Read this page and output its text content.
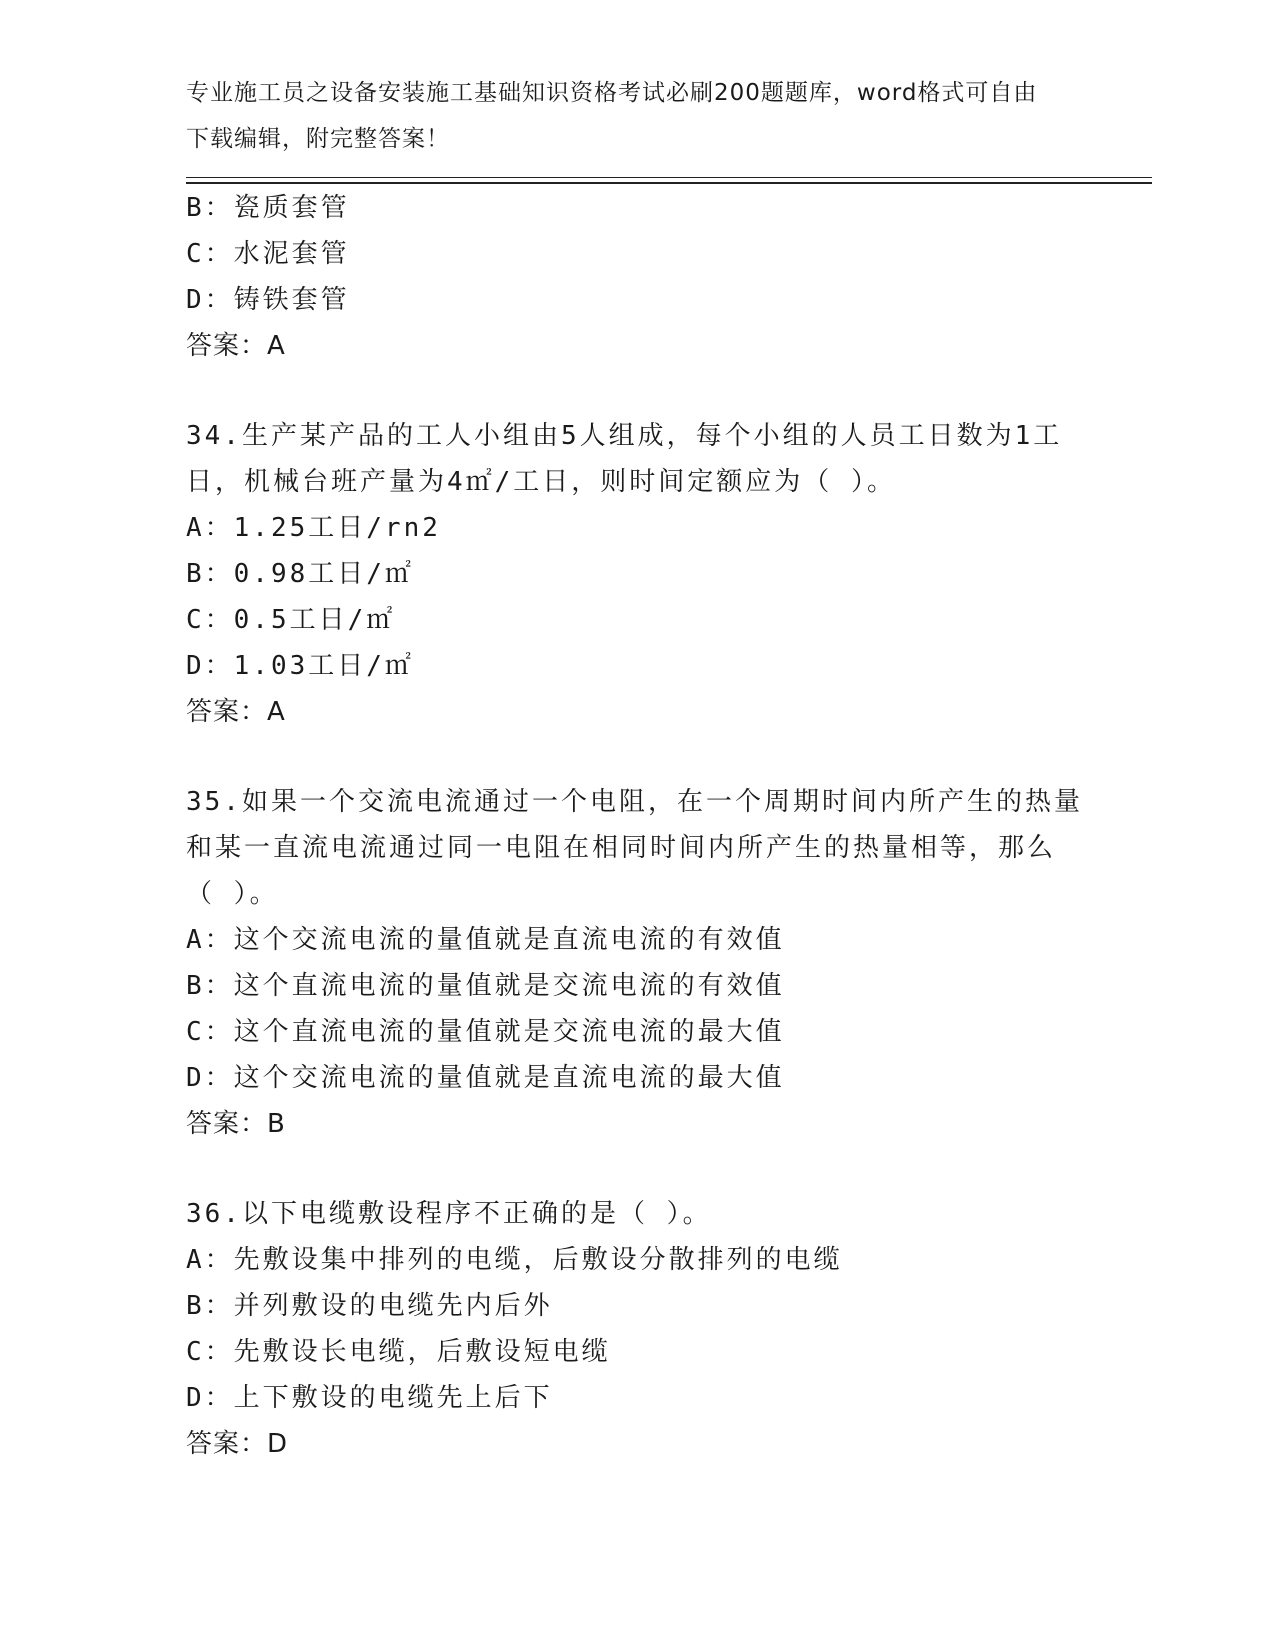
专业施工员之设备安装施工基础知识资格考试必刷200题题库，word格式可自由
下载编辑，附完整答案！
B：瓷质套管
C：水泥套管
D：铸铁套管
答案：A
34.生产某产品的工人小组由5人组成，每个小组的人员工日数为1工
日，机械台班产量为4㎡/工日，则时间定额应为（ ）。
A：1.25工日/rn2
B：0.98工日/㎡
C：0.5工日/㎡
D：1.03工日/㎡
答案：A
35.如果一个交流电流通过一个电阻，在一个周期时间内所产生的热量
和某一直流电流通过同一电阻在相同时间内所产生的热量相等，那么
（ ）。
A：这个交流电流的量值就是直流电流的有效值
B：这个直流电流的量值就是交流电流的有效值
C：这个直流电流的量值就是交流电流的最大值
D：这个交流电流的量值就是直流电流的最大值
答案：B
36.以下电缆敷设程序不正确的是（ ）。
A：先敷设集中排列的电缆，后敷设分散排列的电缆
B：并列敷设的电缆先内后外
C：先敷设长电缆，后敷设短电缆
D：上下敷设的电缆先上后下
答案：D
